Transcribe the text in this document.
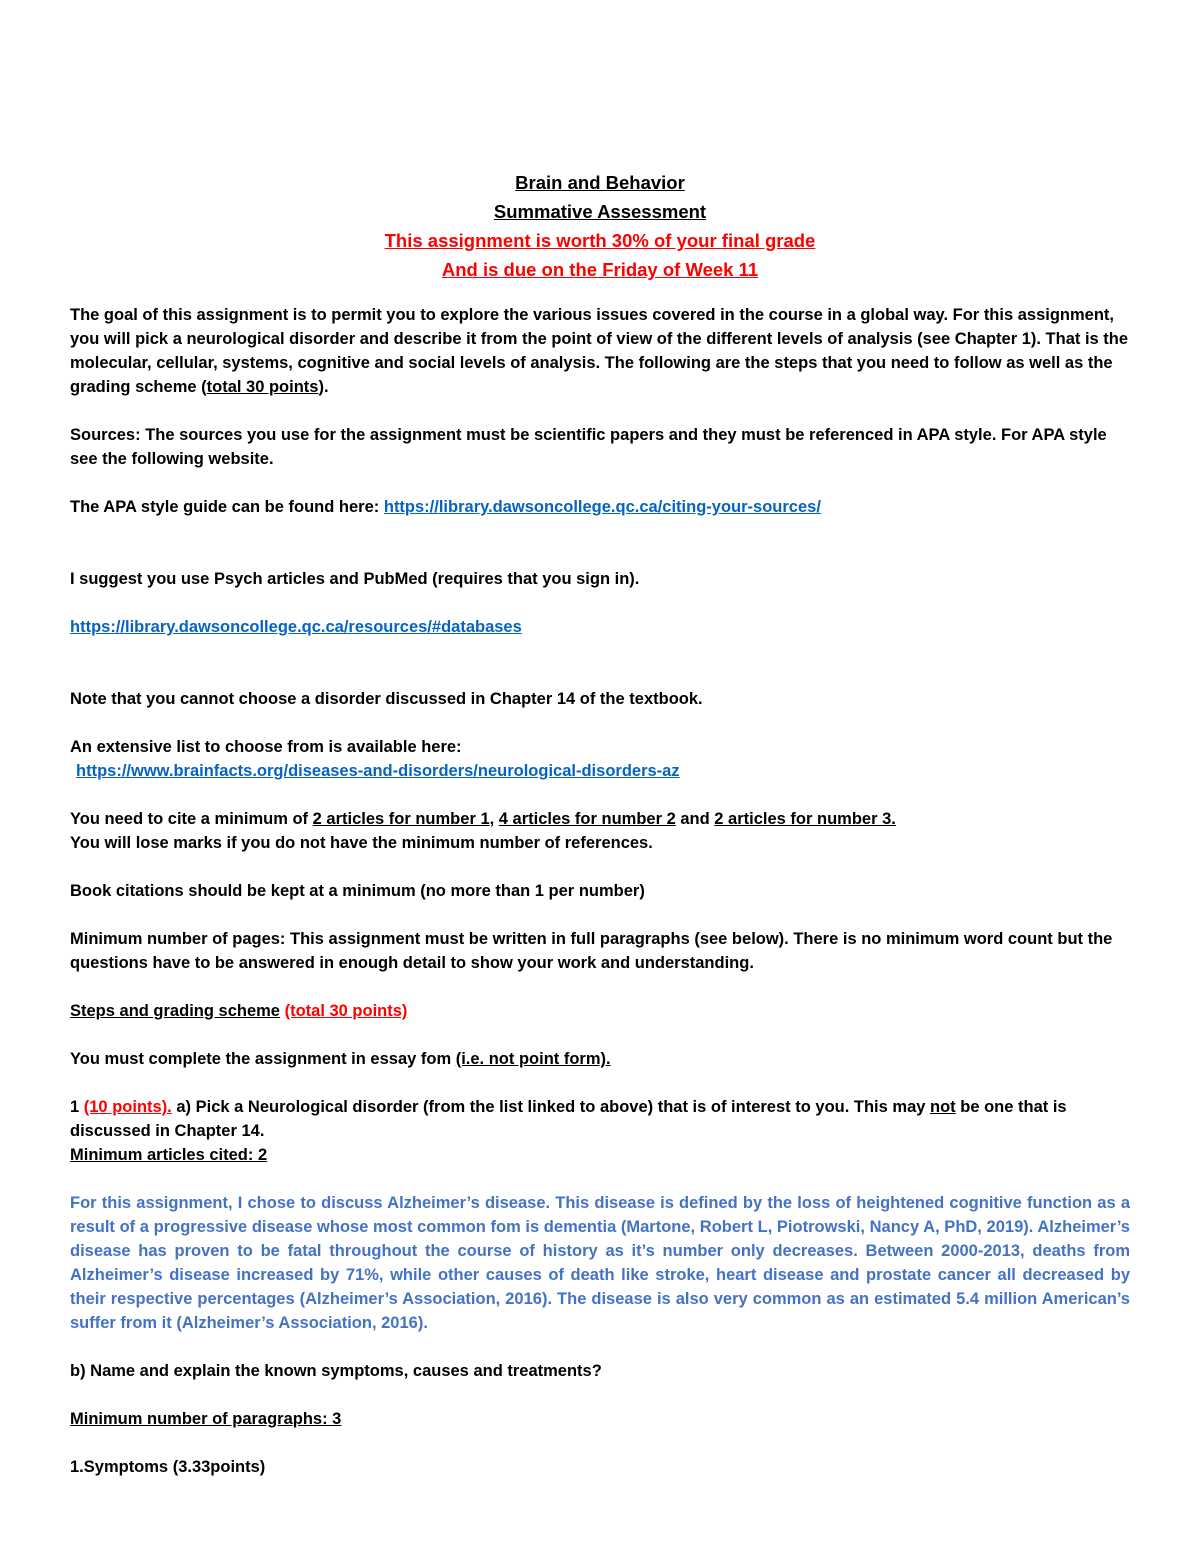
Brain and Behavior
Summative Assessment
This assignment is worth 30% of your final grade
And is due on the Friday of Week 11

The goal of this assignment is to permit you to explore the various issues covered in the course in a global way. For this assignment, you will pick a neurological disorder and describe it from the point of view of the different levels of analysis (see Chapter 1). That is the molecular, cellular, systems, cognitive and social levels of analysis. The following are the steps that you need to follow as well as the grading scheme (total 30 points).

Sources: The sources you use for the assignment must be scientific papers and they must be referenced in APA style. For APA style see the following website.

The APA style guide can be found here: https://library.dawsoncollege.qc.ca/citing-your-sources/

I suggest you use Psych articles and PubMed (requires that you sign in).

https://library.dawsoncollege.qc.ca/resources/#databases

Note that you cannot choose a disorder discussed in Chapter 14 of the textbook.

An extensive list to choose from is available here:

https://www.brainfacts.org/diseases-and-disorders/neurological-disorders-az

You need to cite a minimum of 2 articles for number 1, 4 articles for number 2 and 2 articles for number 3.

You will lose marks if you do not have the minimum number of references.

Book citations should be kept at a minimum (no more than 1 per number)

Minimum number of pages: This assignment must be written in full paragraphs (see below). There is no minimum word count but the questions have to be answered in enough detail to show your work and understanding.

Steps and grading scheme (total 30 points)

You must complete the assignment in essay fom (i.e. not point form).

1 (10 points). a) Pick a Neurological disorder (from the list linked to above) that is of interest to you. This may not be one that is discussed in Chapter 14.

Minimum articles cited: 2

For this assignment, I chose to discuss Alzheimer’s disease. This disease is defined by the loss of heightened cognitive function as a result of a progressive disease whose most common fom is dementia (Martone, Robert L, Piotrowski, Nancy A, PhD, 2019). Alzheimer’s disease has proven to be fatal throughout the course of history as it’s number only decreases. Between 2000-2013, deaths from Alzheimer’s disease increased by 71%, while other causes of death like stroke, heart disease and prostate cancer all decreased by their respective percentages (Alzheimer’s Association, 2016). The disease is also very common as an estimated 5.4 million American’s suffer from it (Alzheimer’s Association, 2016).

b) Name and explain the known symptoms, causes and treatments?

Minimum number of paragraphs: 3

1.Symptoms (3.33points)
